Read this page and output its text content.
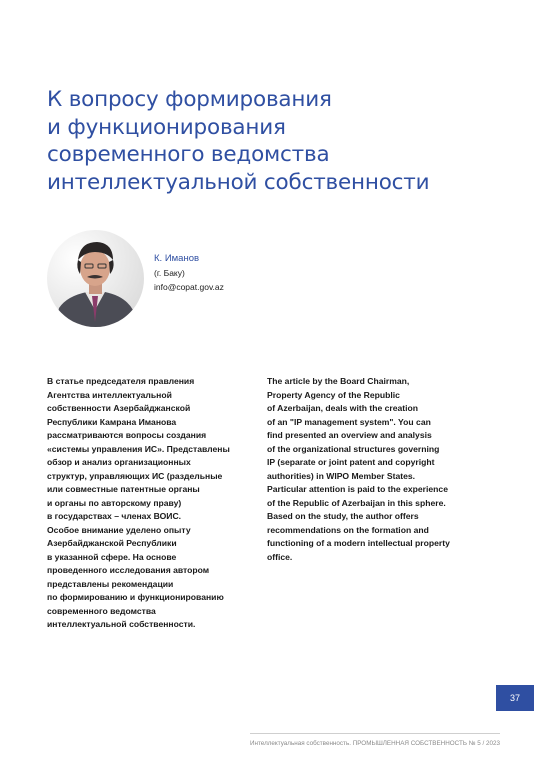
К вопросу формирования
и функционирования
современного ведомства
интеллектуальной собственности
К. Иманов
(г. Баку)
info@copat.gov.az
В статье председателя правления
Агентства интеллектуальной
собственности Азербайджанской
Республики Камрана Иманова
рассматриваются вопросы создания
«системы управления ИС». Представлены
обзор и анализ организационных
структур, управляющих ИС (раздельные
или совместные патентные органы
и органы по авторскому праву)
в государствах – членах ВОИС.
Особое внимание уделено опыту
Азербайджанской Республики
в указанной сфере. На основе
проведенного исследования автором
представлены рекомендации
по формированию и функционированию
современного ведомства
интеллектуальной собственности.
The article by the Board Chairman,
Property Agency of the Republic
of Azerbaijan, deals with the creation
of an "IP management system". You can
find presented an overview and analysis
of the organizational structures governing
IP (separate or joint patent and copyright
authorities) in WIPO Member States.
Particular attention is paid to the experience
of the Republic of Azerbaijan in this sphere.
Based on the study, the author offers
recommendations on the formation and
functioning of a modern intellectual property
office.
37
Интеллектуальная собственность. ПРОМЫШЛЕННАЯ СОБСТВЕННОСТЬ № 5 / 2023
